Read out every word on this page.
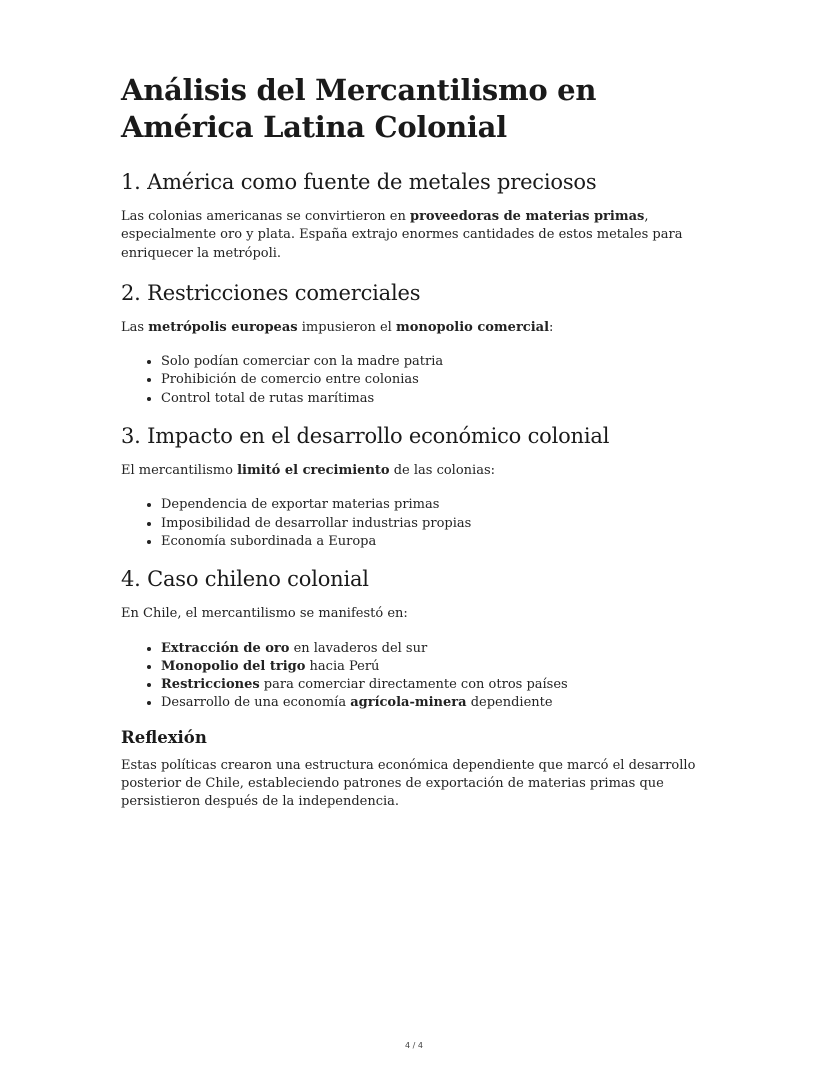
Análisis del Mercantilismo en América Latina Colonial
1. América como fuente de metales preciosos

Las colonias americanas se convirtieron en proveedoras de materias primas, especialmente oro y plata. España extrajo enormes cantidades de estos metales para enriquecer la metrópoli.

2. Restricciones comerciales

Las metrópolis europeas impusieron el monopolio comercial:

• Solo podían comerciar con la madre patria
• Prohibición de comercio entre colonias
• Control total de rutas marítimas
3. Impacto en el desarrollo económico colonial

El mercantilismo limitó el crecimiento de las colonias:

• Dependencia de exportar materias primas
• Imposibilidad de desarrollar industrias propias
• Economía subordinada a Europa
4. Caso chileno colonial

En Chile, el mercantilismo se manifestó en:

• Extracción de oro en lavaderos del sur
• Monopolio del trigo hacia Perú
• Restricciones para comerciar directamente con otros países
• Desarrollo de una economía agrícola-minera dependiente
Reflexión

Estas políticas crearon una estructura económica dependiente que marcó el desarrollo posterior de Chile, estableciendo patrones de exportación de materias primas que persistieron después de la independencia.

4 / 4
